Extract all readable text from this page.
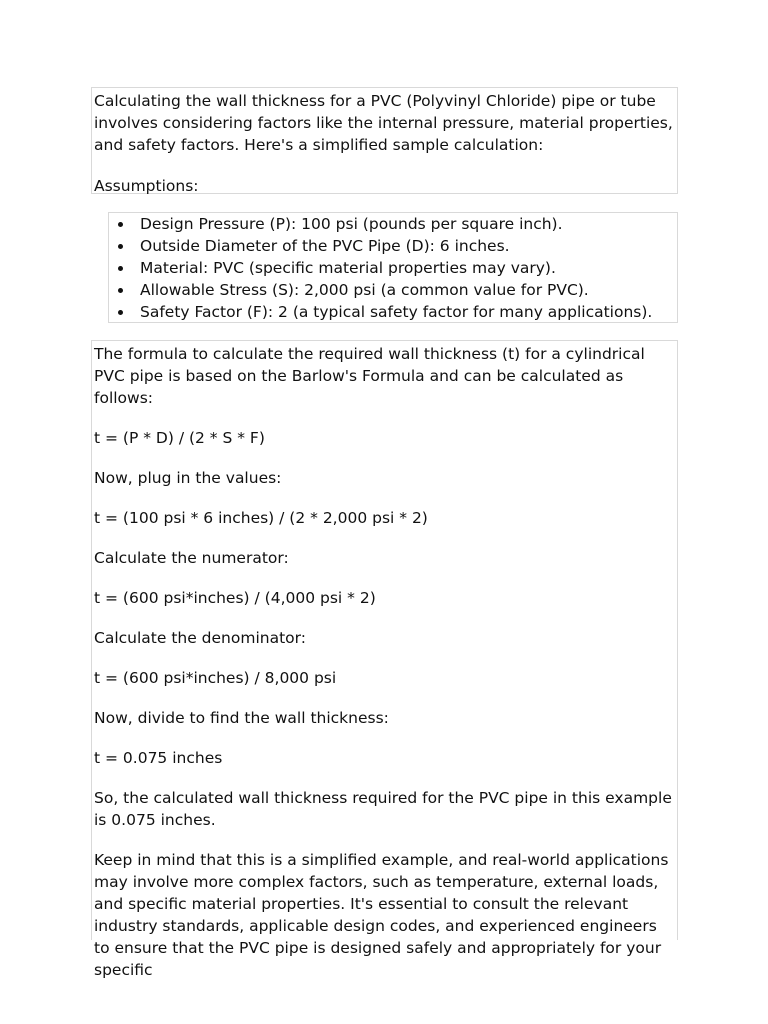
Calculating the wall thickness for a PVC (Polyvinyl Chloride) pipe or tube involves considering factors like the internal pressure, material properties, and safety factors. Here's a simplified sample calculation:

Assumptions:

Design Pressure (P): 100 psi (pounds per square inch).
Outside Diameter of the PVC Pipe (D): 6 inches.
Material: PVC (specific material properties may vary).
Allowable Stress (S): 2,000 psi (a common value for PVC).
Safety Factor (F): 2 (a typical safety factor for many applications).

The formula to calculate the required wall thickness (t) for a cylindrical PVC pipe is based on the Barlow's Formula and can be calculated as follows:

t = (P * D) / (2 * S * F)

Now, plug in the values:

t = (100 psi * 6 inches) / (2 * 2,000 psi * 2)

Calculate the numerator:

t = (600 psi*inches) / (4,000 psi * 2)

Calculate the denominator:

t = (600 psi*inches) / 8,000 psi

Now, divide to find the wall thickness:

t = 0.075 inches

So, the calculated wall thickness required for the PVC pipe in this example is 0.075 inches.

Keep in mind that this is a simplified example, and real-world applications may involve more complex factors, such as temperature, external loads, and specific material properties. It's essential to consult the relevant industry standards, applicable design codes, and experienced engineers to ensure that the PVC pipe is designed safely and appropriately for your specific
